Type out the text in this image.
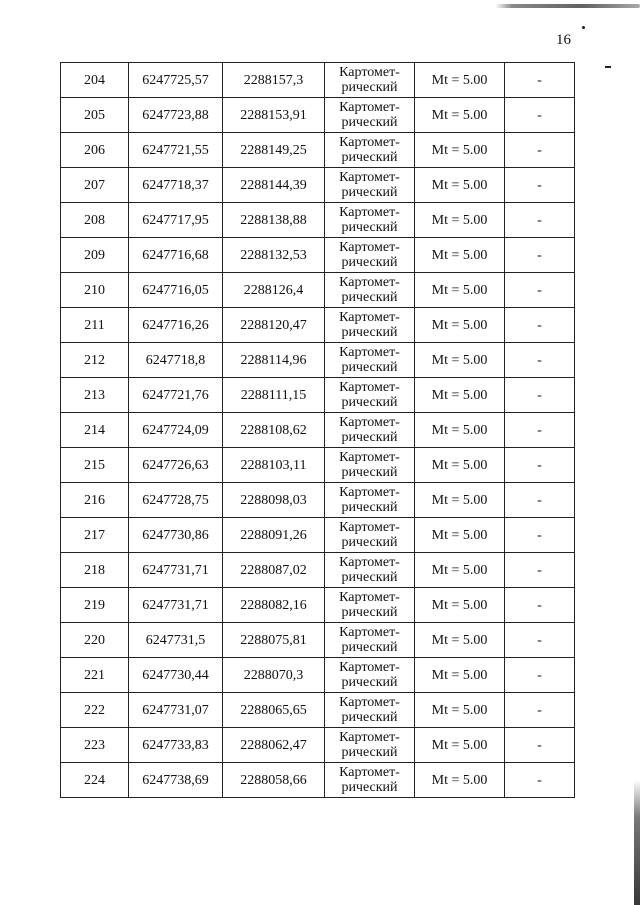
16
204	6247725,57	2288157,3	Картомет-
рический	Mt = 5.00	-
205	6247723,88	2288153,91	Картомет-
рический	Mt = 5.00	-
206	6247721,55	2288149,25	Картомет-
рический	Mt = 5.00	-
207	6247718,37	2288144,39	Картомет-
рический	Mt = 5.00	-
208	6247717,95	2288138,88	Картомет-
рический	Mt = 5.00	-
209	6247716,68	2288132,53	Картомет-
рический	Mt = 5.00	-
210	6247716,05	2288126,4	Картомет-
рический	Mt = 5.00	-
211	6247716,26	2288120,47	Картомет-
рический	Mt = 5.00	-
212	6247718,8	2288114,96	Картомет-
рический	Mt = 5.00	-
213	6247721,76	2288111,15	Картомет-
рический	Mt = 5.00	-
214	6247724,09	2288108,62	Картомет-
рический	Mt = 5.00	-
215	6247726,63	2288103,11	Картомет-
рический	Mt = 5.00	-
216	6247728,75	2288098,03	Картомет-
рический	Mt = 5.00	-
217	6247730,86	2288091,26	Картомет-
рический	Mt = 5.00	-
218	6247731,71	2288087,02	Картомет-
рический	Mt = 5.00	-
219	6247731,71	2288082,16	Картомет-
рический	Mt = 5.00	-
220	6247731,5	2288075,81	Картомет-
рический	Mt = 5.00	-
221	6247730,44	2288070,3	Картомет-
рический	Mt = 5.00	-
222	6247731,07	2288065,65	Картомет-
рический	Mt = 5.00	-
223	6247733,83	2288062,47	Картомет-
рический	Mt = 5.00	-
224	6247738,69	2288058,66	Картомет-
рический	Mt = 5.00	-
